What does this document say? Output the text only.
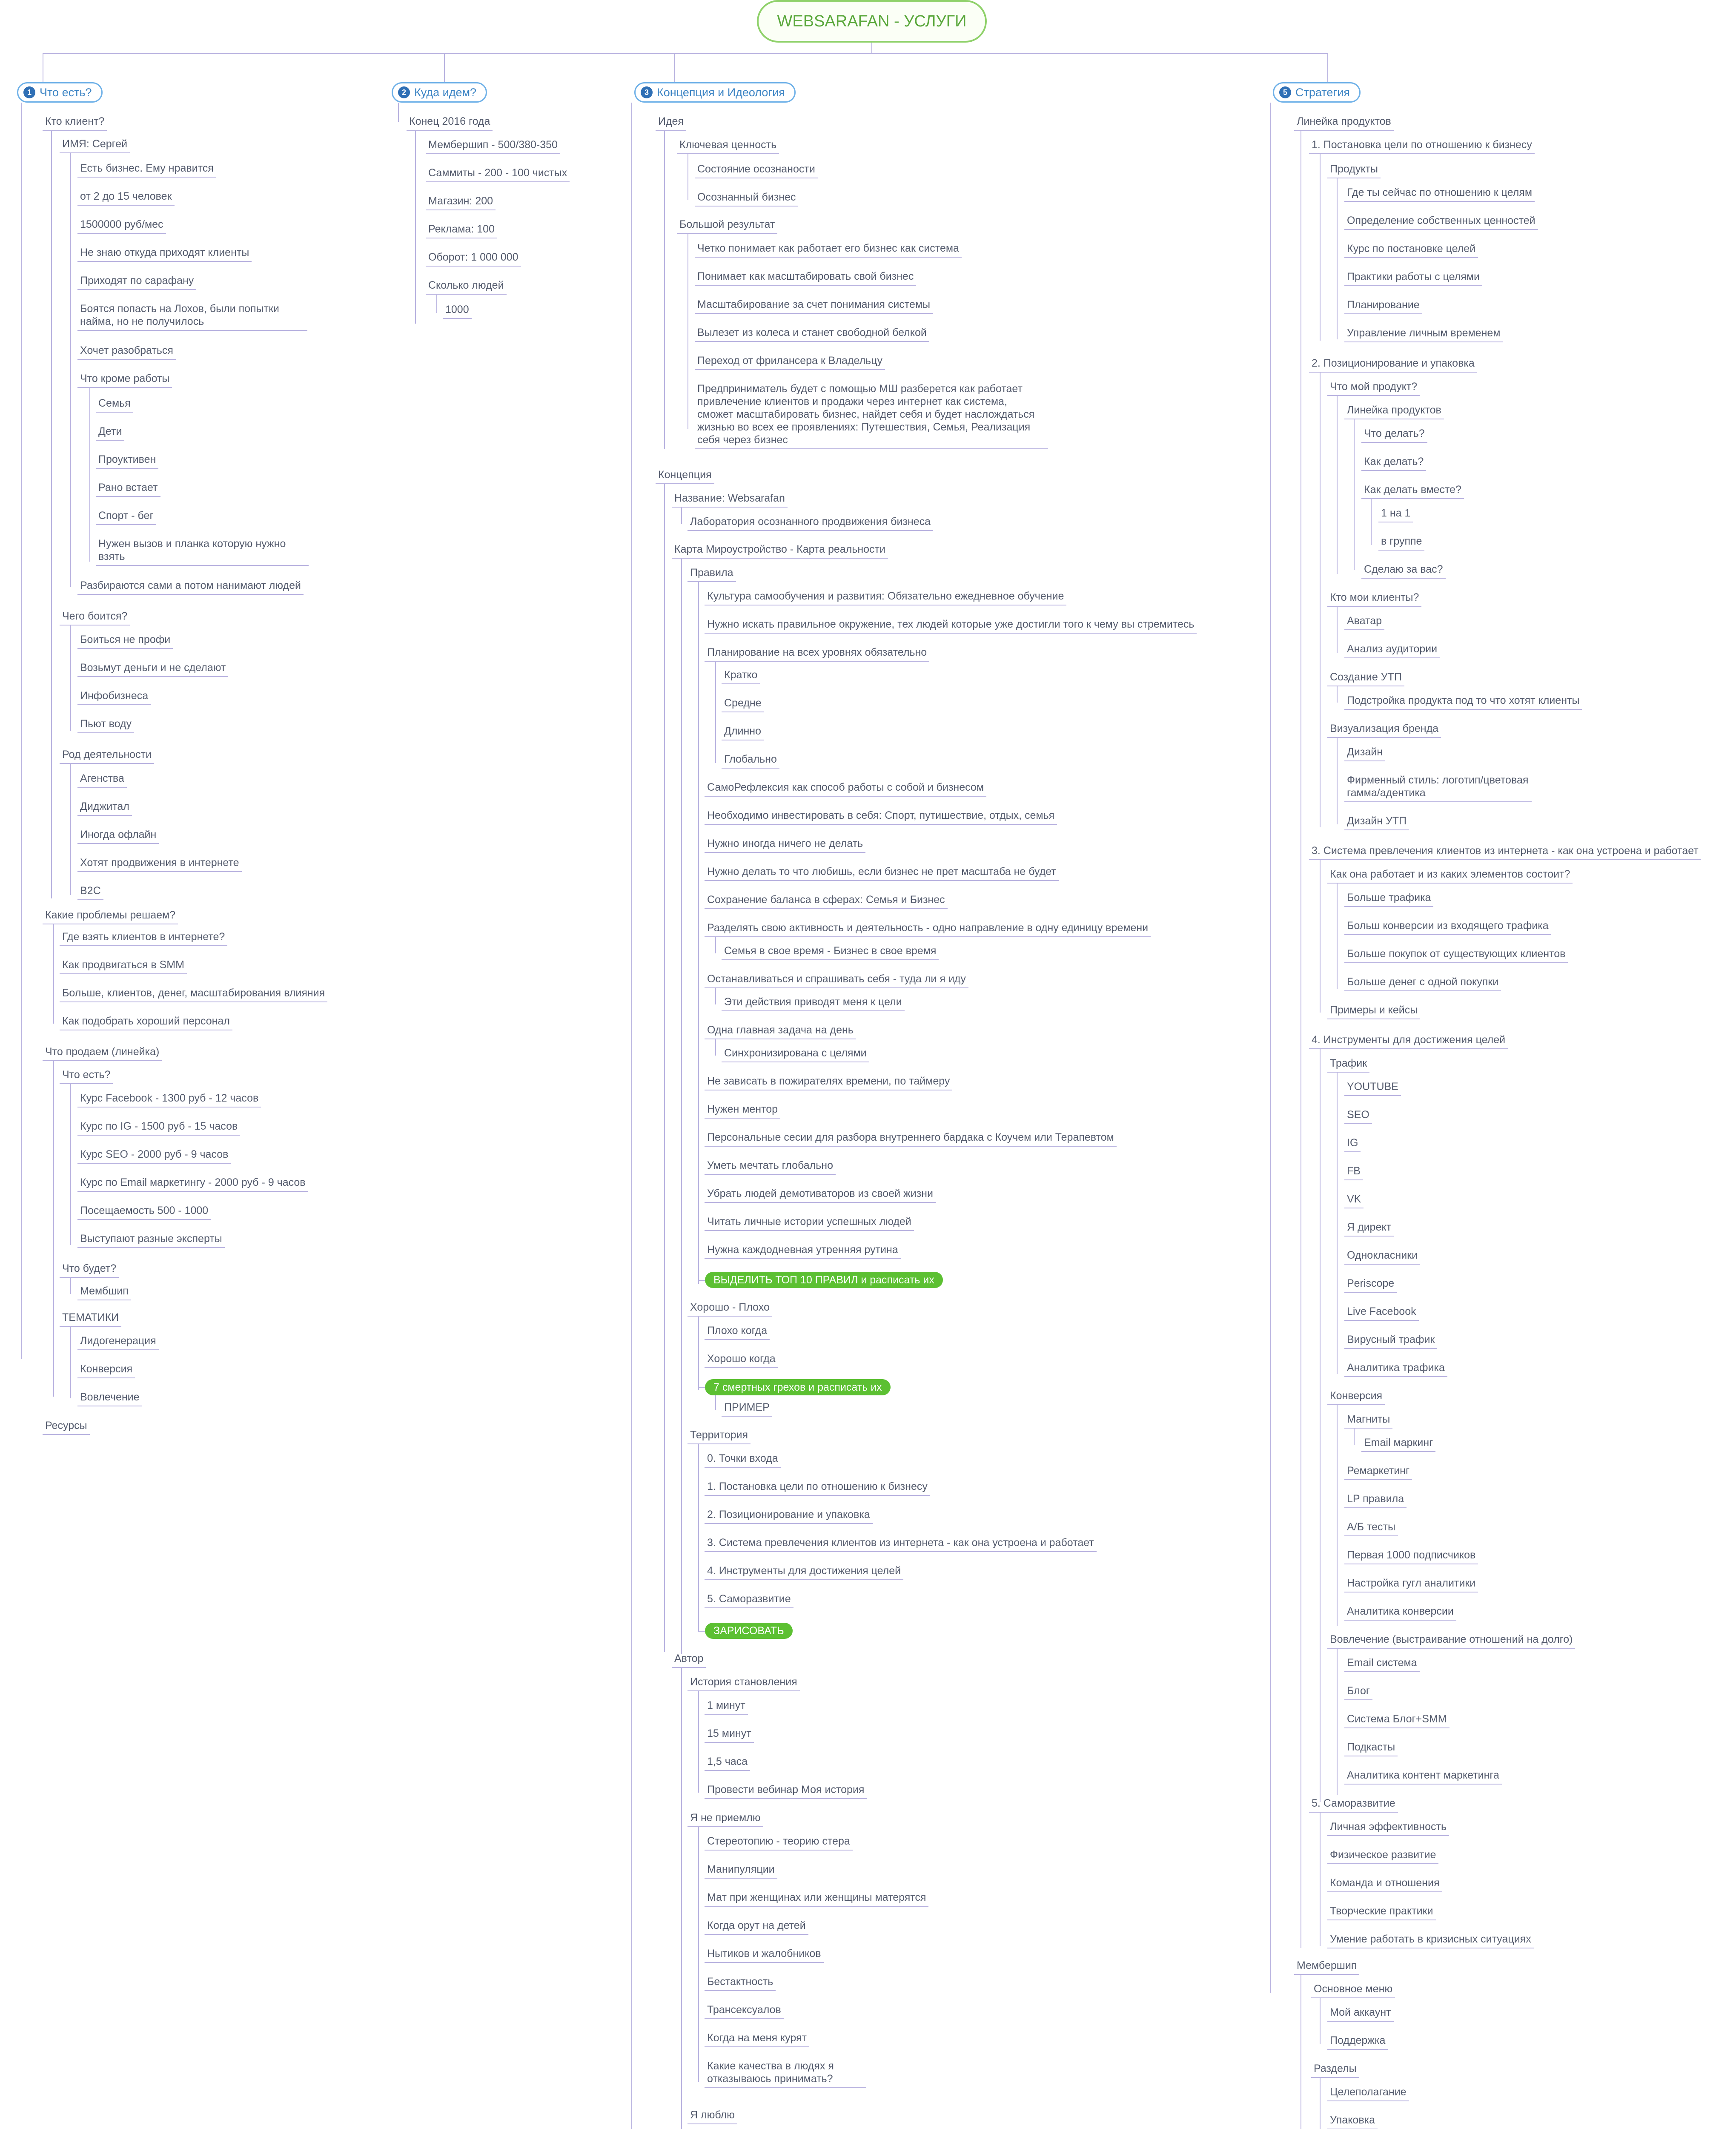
WEBSARAFAN - УСЛУГИ
1 Что есть?
Кто клиент?
ИМЯ: Сергей
Есть бизнес. Ему нравится
от 2 до 15 человек
1500000 руб/мес
Не знаю откуда приходят клиенты
Приходят по сарафану
Боятся попасть на Лохов, были попытки найма, но не получилось
Хочет разобраться
Что кроме работы
Семья
Дети
Проуктивен
Рано встает
Спорт - бег
Нужен вызов и планка которую нужно взять
Разбираются сами а потом нанимают людей
Чего боится?
Боиться не профи
Возьмут деньги и не сделают
Инфобизнеса
Пьют воду
Род деятельности
Агенства
Диджитал
Иногда офлайн
Хотят продвижения в интернете
B2C
Какие проблемы решаем?
Где взять клиентов в интернете?
Как продвигаться в SMM
Больше, клиентов, денег, масштабирования влияния
Как подобрать хороший персонал
Что продаем (линейка)
Что есть?
Курс Facebook - 1300 руб - 12 часов
Курс по IG - 1500 руб - 15 часов
Курс SEO - 2000 руб - 9 часов
Курс по Email маркетингу - 2000 руб - 9 часов
Посещаемость 500 - 1000
Выступают разные эксперты
Что будет?
Мембшип
ТЕМАТИКИ
Лидогенерация
Конверсия
Вовлечение
Ресурсы
2 Куда идем?
Конец 2016 года
Мембершип - 500/380-350
Саммиты - 200 - 100 чистых
Магазин: 200
Реклама: 100
Оборот: 1 000 000
Сколько людей
1000
3 Концепция и Идеология
Идея
Ключевая ценность
Состояние осознаности
Осознанный бизнес
Большой результат
Четко понимает как работает его бизнес как система
Понимает как масштабировать свой бизнес
Масштабирование за счет понимания системы
Вылезет из колеса и станет свободной белкой
Переход от фрилансера к Владельцу
Предприниматель будет с помощью МШ разберется как работает привлечение клиентов и продажи через интернет как система, сможет масштабировать бизнес, найдет себя и будет наслождаться жизнью во всех ее проявлениях: Путешествия, Семья, Реализация себя через бизнес
Концепция
Название: Websarafan
Лаборатория осознанного продвижения бизнеса
Карта Мироустройство - Карта реальности
Правила
Культура самообучения и развития: Обязательно ежедневное обучение
Нужно искать правильное окружение, тех людей которые уже достигли того к чему вы стремитесь
Планирование на всех уровнях обязательно
Кратко
Средне
Длинно
Глобально
СамоРефлексия как способ работы с собой и бизнесом
Необходимо инвестировать в себя: Спорт, путишествие, отдых, семья
Нужно иногда ничего не делать
Нужно делать то что любишь, если бизнес не прет масштаба не будет
Сохранение баланса в сферах: Семья и Бизнес
Разделять свою активность и деятельность - одно направление в одну единицу времени
Семья в свое время - Бизнес в свое время
Останавливаться и спрашивать себя - туда ли я иду
Эти действия приводят меня к цели
Одна главная задача на день
Синхронизирована с целями
Не зависать в пожирателях времени, по таймеру
Нужен ментор
Персональные сесии для разбора внутреннего бардака с Коучем или Терапевтом
Уметь мечтать глобально
Убрать людей демотиваторов из своей жизни
Читать личные истории успешных людей
Нужна каждодневная утренняя рутина
ВЫДЕЛИТЬ ТОП 10 ПРАВИЛ и расписать их
Хорошо - Плохо
Плохо когда
Хорошо когда
7 смертных грехов и расписать их
ПРИМЕР
Территория
0. Точки входа
1. Постановка цели по отношению к бизнесу
2. Позиционирование и упаковка
3. Система превлечения клиентов из интернета - как она устроена и работает
4. Инструменты для достижения целей
5. Саморазвитие
ЗАРИСОВАТЬ
Автор
История становления
1 минут
15 минут
1,5 часа
Провести вебинар Моя история
Я не приемлю
Стереотопию - теорию стера
Манипуляции
Мат при женщинах или женщины матерятся
Когда орут на детей
Нытиков и жалобников
Бестактность
Трансексуалов
Когда на меня курят
Какие качества в людях я отказываюсь принимать?
Я люблю
5 Стратегия
Линейка продуктов
1. Постановка цели по отношению к бизнесу
Продукты
Где ты сейчас по отношению к целям
Определение собственных ценностей
Курс по постановке целей
Практики работы с целями
Планирование
Управление личным временем
2. Позиционирование и упаковка
Что мой продукт?
Линейка продуктов
Что делать?
Как делать?
Как делать вместе?
1 на 1
в группе
Сделаю за вас?
Кто мои клиенты?
Аватар
Анализ аудитории
Создание УТП
Подстройка продукта под то что хотят клиенты
Визуализация бренда
Дизайн
Фирменный стиль: логотип/цветовая гамма/адентика
Дизайн УТП
3. Система превлечения клиентов из интернета - как она устроена и работает
Как она работает и из каких элементов состоит?
Больше трафика
Больш конверсии из входящего трафика
Больше покупок от существующих клиентов
Больше денег с одной покупки
Примеры и кейсы
4. Инструменты для достижения целей
Трафик
YOUTUBE
SEO
IG
FB
VK
Я директ
Одноклаcники
Periscope
Live Facebook
Вирусный трафик
Аналитика трафика
Конверсия
Магниты
Email маркинг
Ремаркетинг
LP правила
А/Б тесты
Первая 1000 подписчиков
Настройка гугл аналитики
Аналитика конверсии
Вовлечение (выстраивание отношений на долго)
Email система
Блог
Система Блог+SMM
Подкасты
Аналитика контент маркетинга
5. Саморазвитие
Личная эффективность
Физическое развитие
Команда и отношения
Творческие практики
Умение работать в кризисных ситуациях
Мембершип
Основное меню
Мой аккаунт
Поддержка
Разделы
Целеполагание
Упаковка
